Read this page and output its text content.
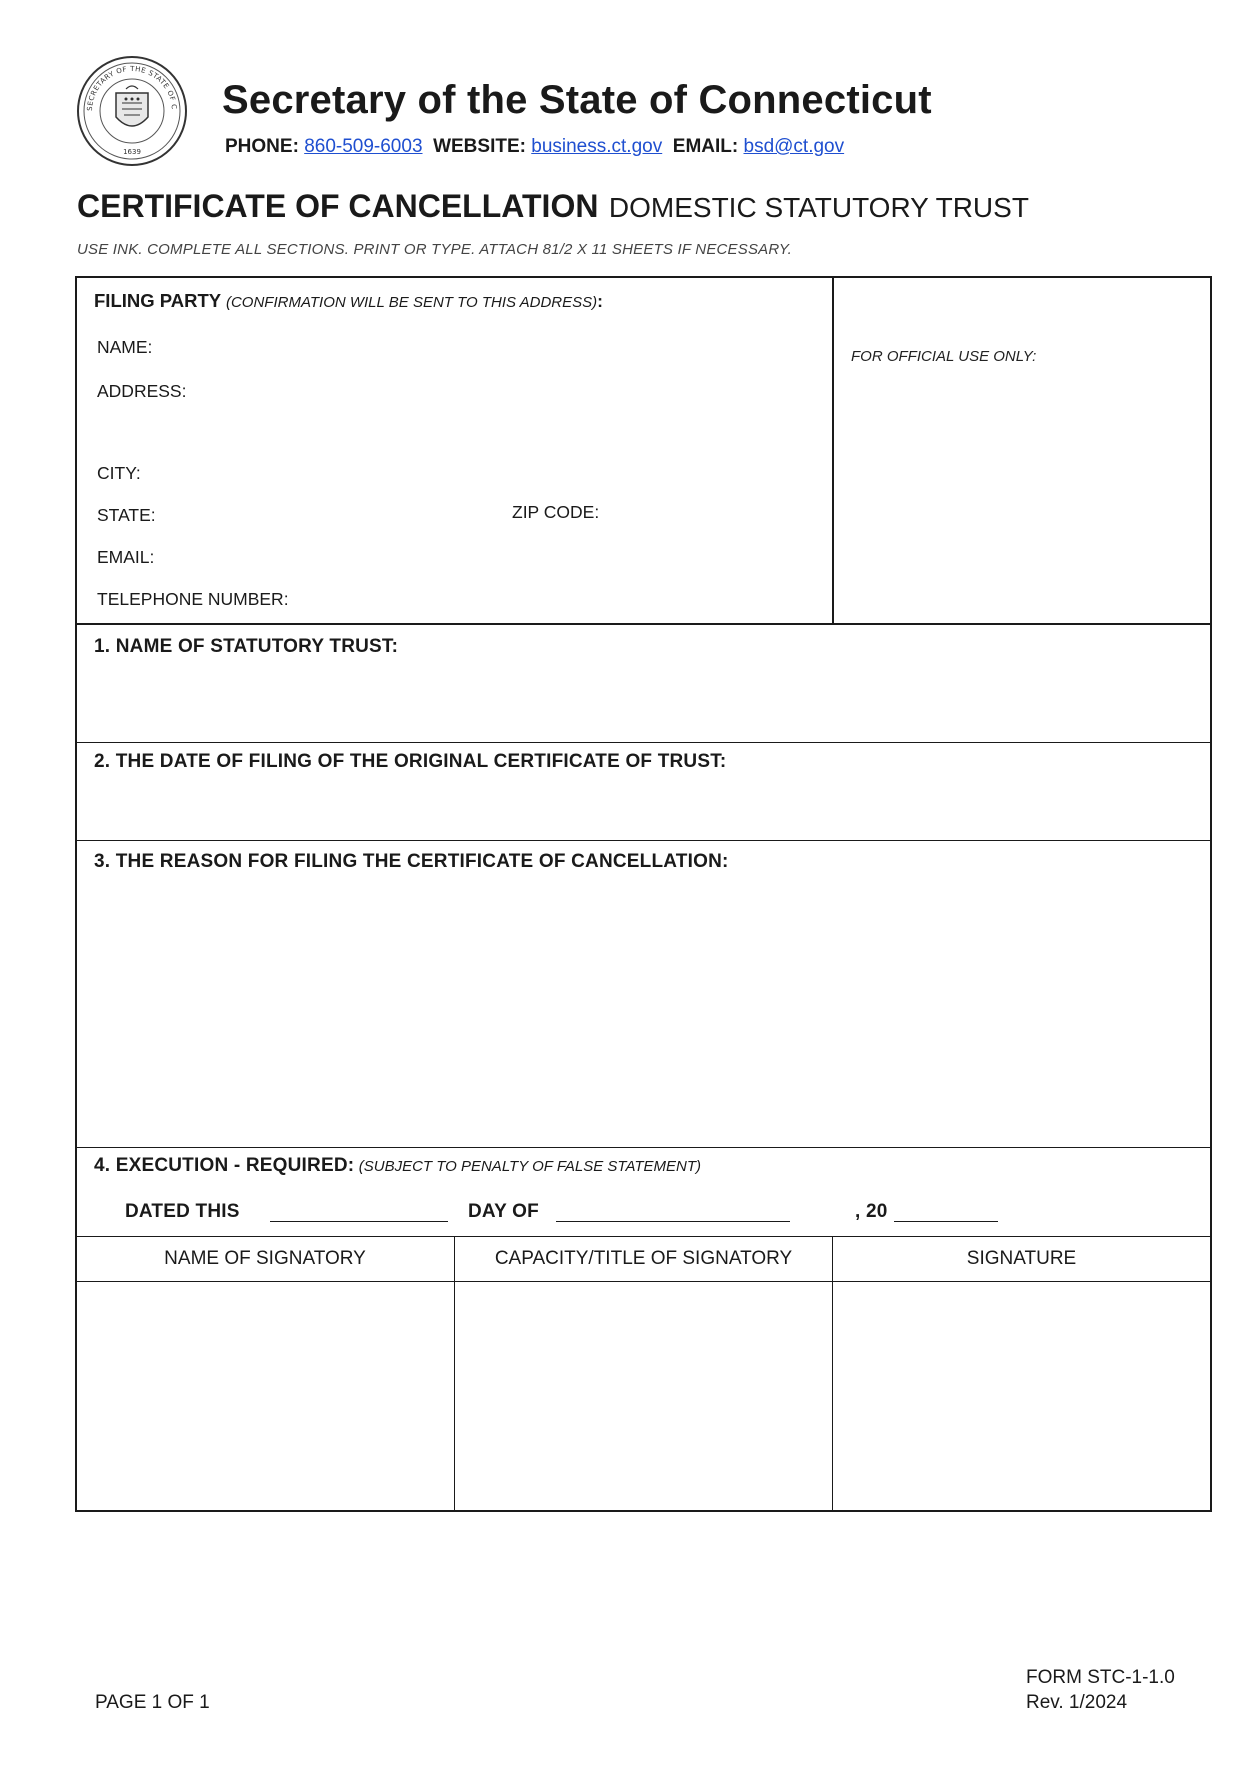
SECRETARY OF THE STATE OF C
1639
Secretary of the State of Connecticut
PHONE: 860-509-6003 WEBSITE: business.ct.gov EMAIL: bsd@ct.gov
CERTIFICATE OF CANCELLATION DOMESTIC STATUTORY TRUST
USE INK. COMPLETE ALL SECTIONS. PRINT OR TYPE. ATTACH 81/2 X 11 SHEETS IF NECESSARY.
FILING PARTY (CONFIRMATION WILL BE SENT TO THIS ADDRESS):
NAME:
ADDRESS:
CITY:
STATE:	ZIP CODE:
EMAIL:
TELEPHONE NUMBER:
FOR OFFICIAL USE ONLY:
1. NAME OF STATUTORY TRUST:
2. THE DATE OF FILING OF THE ORIGINAL CERTIFICATE OF TRUST:
3. THE REASON FOR FILING THE CERTIFICATE OF CANCELLATION:
4. EXECUTION - REQUIRED: (SUBJECT TO PENALTY OF FALSE STATEMENT)
DATED THIS	DAY OF	, 20
NAME OF SIGNATORY	CAPACITY/TITLE OF SIGNATORY	SIGNATURE
PAGE 1 OF 1
FORM STC-1-1.0
Rev. 1/2024
